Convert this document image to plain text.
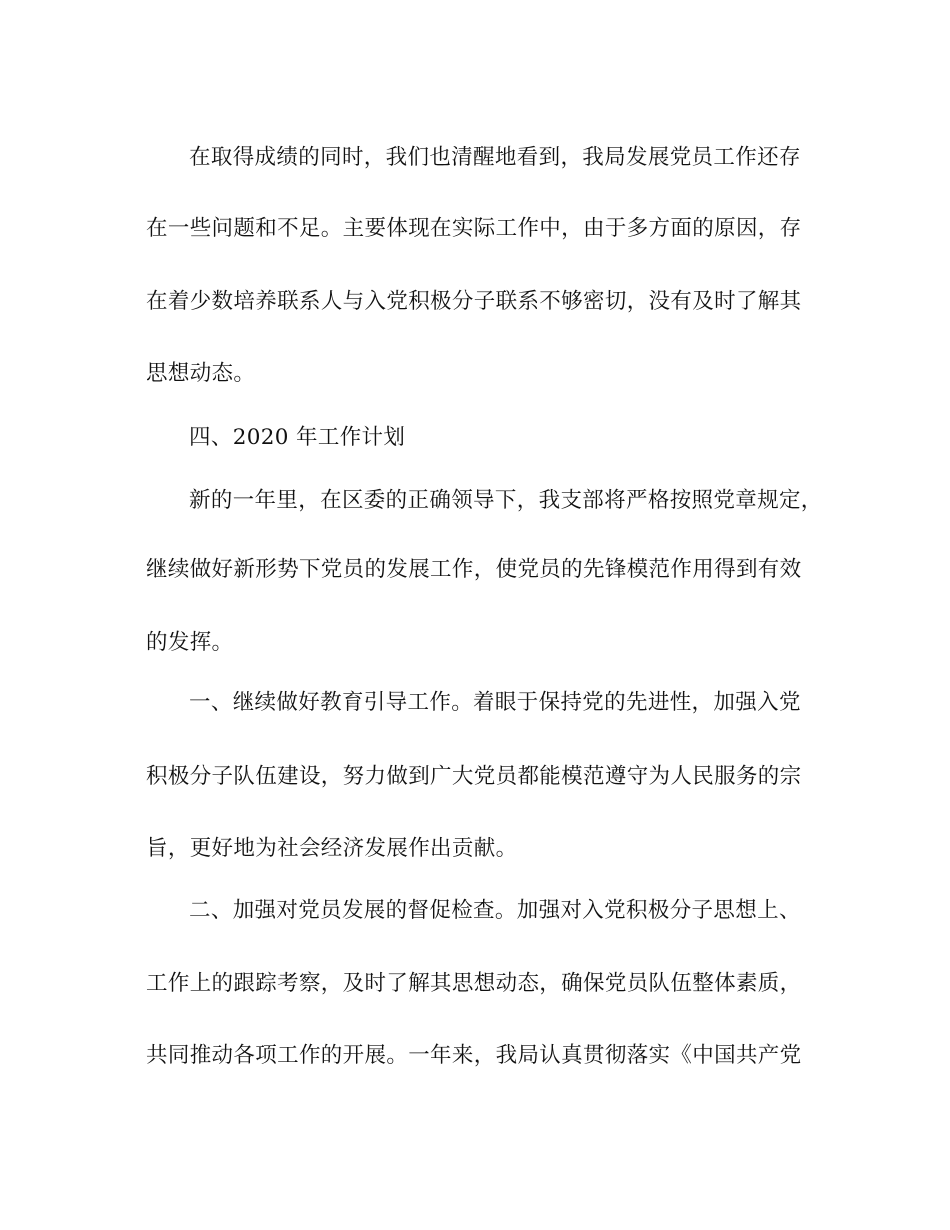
在取得成绩的同时，我们也清醒地看到，我局发展党员工作还存
在一些问题和不足。主要体现在实际工作中，由于多方面的原因，存
在着少数培养联系人与入党积极分子联系不够密切，没有及时了解其
思想动态。
四、2020 年工作计划
新的一年里，在区委的正确领导下，我支部将严格按照党章规定，
继续做好新形势下党员的发展工作，使党员的先锋模范作用得到有效
的发挥。
一、继续做好教育引导工作。着眼于保持党的先进性，加强入党
积极分子队伍建设，努力做到广大党员都能模范遵守为人民服务的宗
旨，更好地为社会经济发展作出贡献。
二、加强对党员发展的督促检查。加强对入党积极分子思想上、
工作上的跟踪考察，及时了解其思想动态，确保党员队伍整体素质，
共同推动各项工作的开展。一年来，我局认真贯彻落实《中国共产党
